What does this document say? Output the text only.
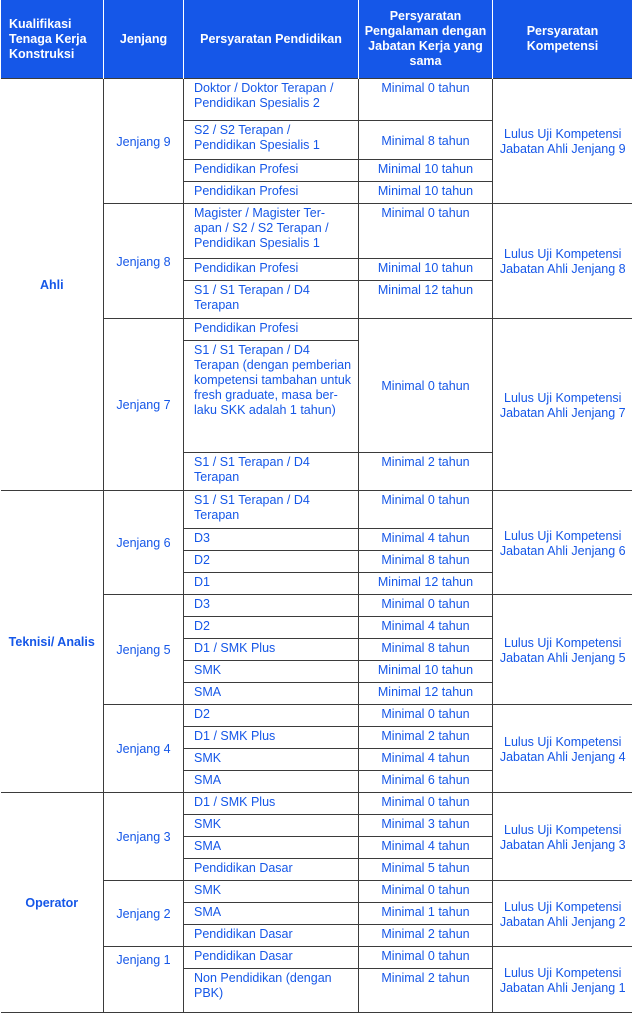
Kualifikasi Tenaga Kerja Konstruksi	Jenjang	Persyaratan Pendidikan	Persyaratan Pengalaman dengan Jabatan Kerja yang sama	Persyaratan Kompetensi
Ahli	Jenjang 9	Doktor / Doktor Terapan / Pendidikan Spesialis 2	Minimal 0 tahun	Lulus Uji Kompetensi Jabatan Ahli Jenjang 9
		S2 / S2 Terapan / Pendidikan Spesialis 1	Minimal 8 tahun	
		Pendidikan Profesi	Minimal 10 tahun	
		Pendidikan Profesi	Minimal 10 tahun	
	Jenjang 8	Magister / Magister Ter-apan / S2 / S2 Terapan / Pendidikan Spesialis 1	Minimal 0 tahun	Lulus Uji Kompetensi Jabatan Ahli Jenjang 8
		Pendidikan Profesi	Minimal 10 tahun	
		S1 / S1 Terapan / D4 Terapan	Minimal 12 tahun	
	Jenjang 7	Pendidikan Profesi	Minimal 0 tahun	Lulus Uji Kompetensi Jabatan Ahli Jenjang 7
		S1 / S1 Terapan / D4 Terapan (dengan pemberian kompetensi tambahan untuk fresh graduate, masa ber-laku SKK adalah 1 tahun)		
		S1 / S1 Terapan / D4 Terapan	Minimal 2 tahun	
Teknisi/ Analis	Jenjang 6	S1 / S1 Terapan / D4 Terapan	Minimal 0 tahun	Lulus Uji Kompetensi Jabatan Ahli Jenjang 6
		D3	Minimal 4 tahun	
		D2	Minimal 8 tahun	
		D1	Minimal 12 tahun	
	Jenjang 5	D3	Minimal 0 tahun	Lulus Uji Kompetensi Jabatan Ahli Jenjang 5
		D2	Minimal 4 tahun	
		D1 / SMK Plus	Minimal 8 tahun	
		SMK	Minimal 10 tahun	
		SMA	Minimal 12 tahun	
	Jenjang 4	D2	Minimal 0 tahun	Lulus Uji Kompetensi Jabatan Ahli Jenjang 4
		D1 / SMK Plus	Minimal 2 tahun	
		SMK	Minimal 4 tahun	
		SMA	Minimal 6 tahun	
Operator	Jenjang 3	D1 / SMK Plus	Minimal 0 tahun	Lulus Uji Kompetensi Jabatan Ahli Jenjang 3
		SMK	Minimal 3 tahun	
		SMA	Minimal 4 tahun	
		Pendidikan Dasar	Minimal 5 tahun	
	Jenjang 2	SMK	Minimal 0 tahun	Lulus Uji Kompetensi Jabatan Ahli Jenjang 2
		SMA	Minimal 1 tahun	
		Pendidikan Dasar	Minimal 2 tahun	
	Jenjang 1	Pendidikan Dasar	Minimal 0 tahun	Lulus Uji Kompetensi Jabatan Ahli Jenjang 1
		Non Pendidikan (dengan PBK)	Minimal 2 tahun	
